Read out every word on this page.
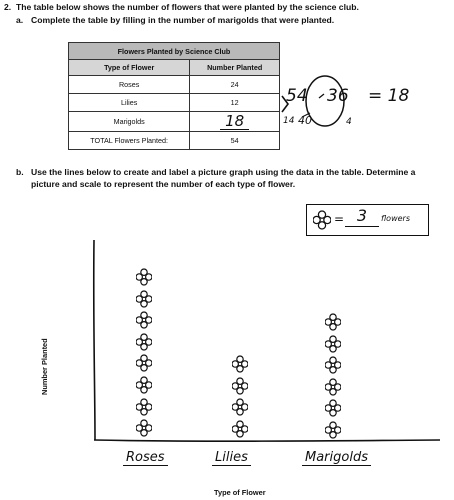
2. The table below shows the number of flowers that were planted by the science club.
a. Complete the table by filling in the number of marigolds that were planted.
Flowers Planted by Science Club	
Type of Flower	Number Planted
Roses	24
Lilies	12
Marigolds	18
TOTAL Flowers Planted:	54
54 36 = 18
14 40	4
b. Use the lines below to create and label a picture graph using the data in the table. Determine a
picture and scale to represent the number of each type of flower.
= 3	flowers
Number Planted
Type of Flower
Roses	Lilies	Marigolds
